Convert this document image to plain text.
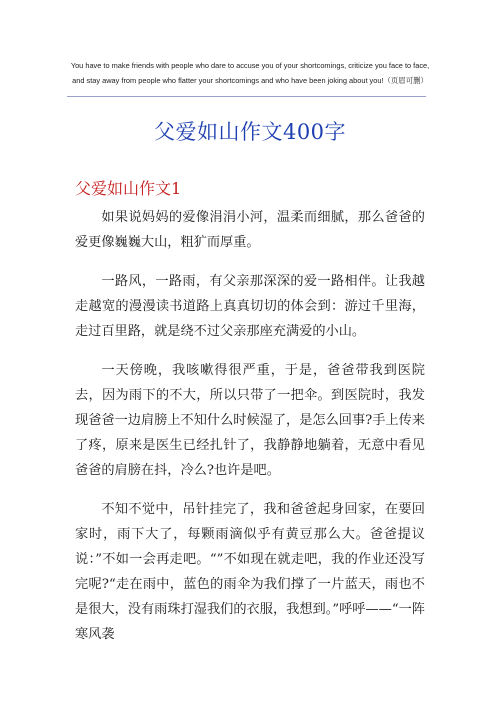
You have to make friends with people who dare to accuse you of your shortcomings, criticize you face to face,
and stay away from people who flatter your shortcomings and who have been joking about you!（页眉可删）
父爱如山作文400字
父爱如山作文1

如果说妈妈的爱像涓涓小河，温柔而细腻，那么爸爸的爱更像巍巍大山，粗犷而厚重。

一路风，一路雨，有父亲那深深的爱一路相伴。让我越走越宽的漫漫读书道路上真真切切的体会到：游过千里海，走过百里路，就是绕不过父亲那座充满爱的小山。

一天傍晚，我咳嗽得很严重，于是，爸爸带我到医院去，因为雨下的不大，所以只带了一把伞。到医院时，我发现爸爸一边肩膀上不知什么时候湿了，是怎么回事?手上传来了疼，原来是医生已经扎针了，我静静地躺着，无意中看见爸爸的肩膀在抖，冷么?也许是吧。

不知不觉中，吊针挂完了，我和爸爸起身回家，在要回家时，雨下大了，每颗雨滴似乎有黄豆那么大。爸爸提议说：”不如一会再走吧。“”不如现在就走吧，我的作业还没写完呢?“走在雨中，蓝色的雨伞为我们撑了一片蓝天，雨也不是很大，没有雨珠打湿我们的衣服，我想到。”呼呼——“一阵寒风袭
